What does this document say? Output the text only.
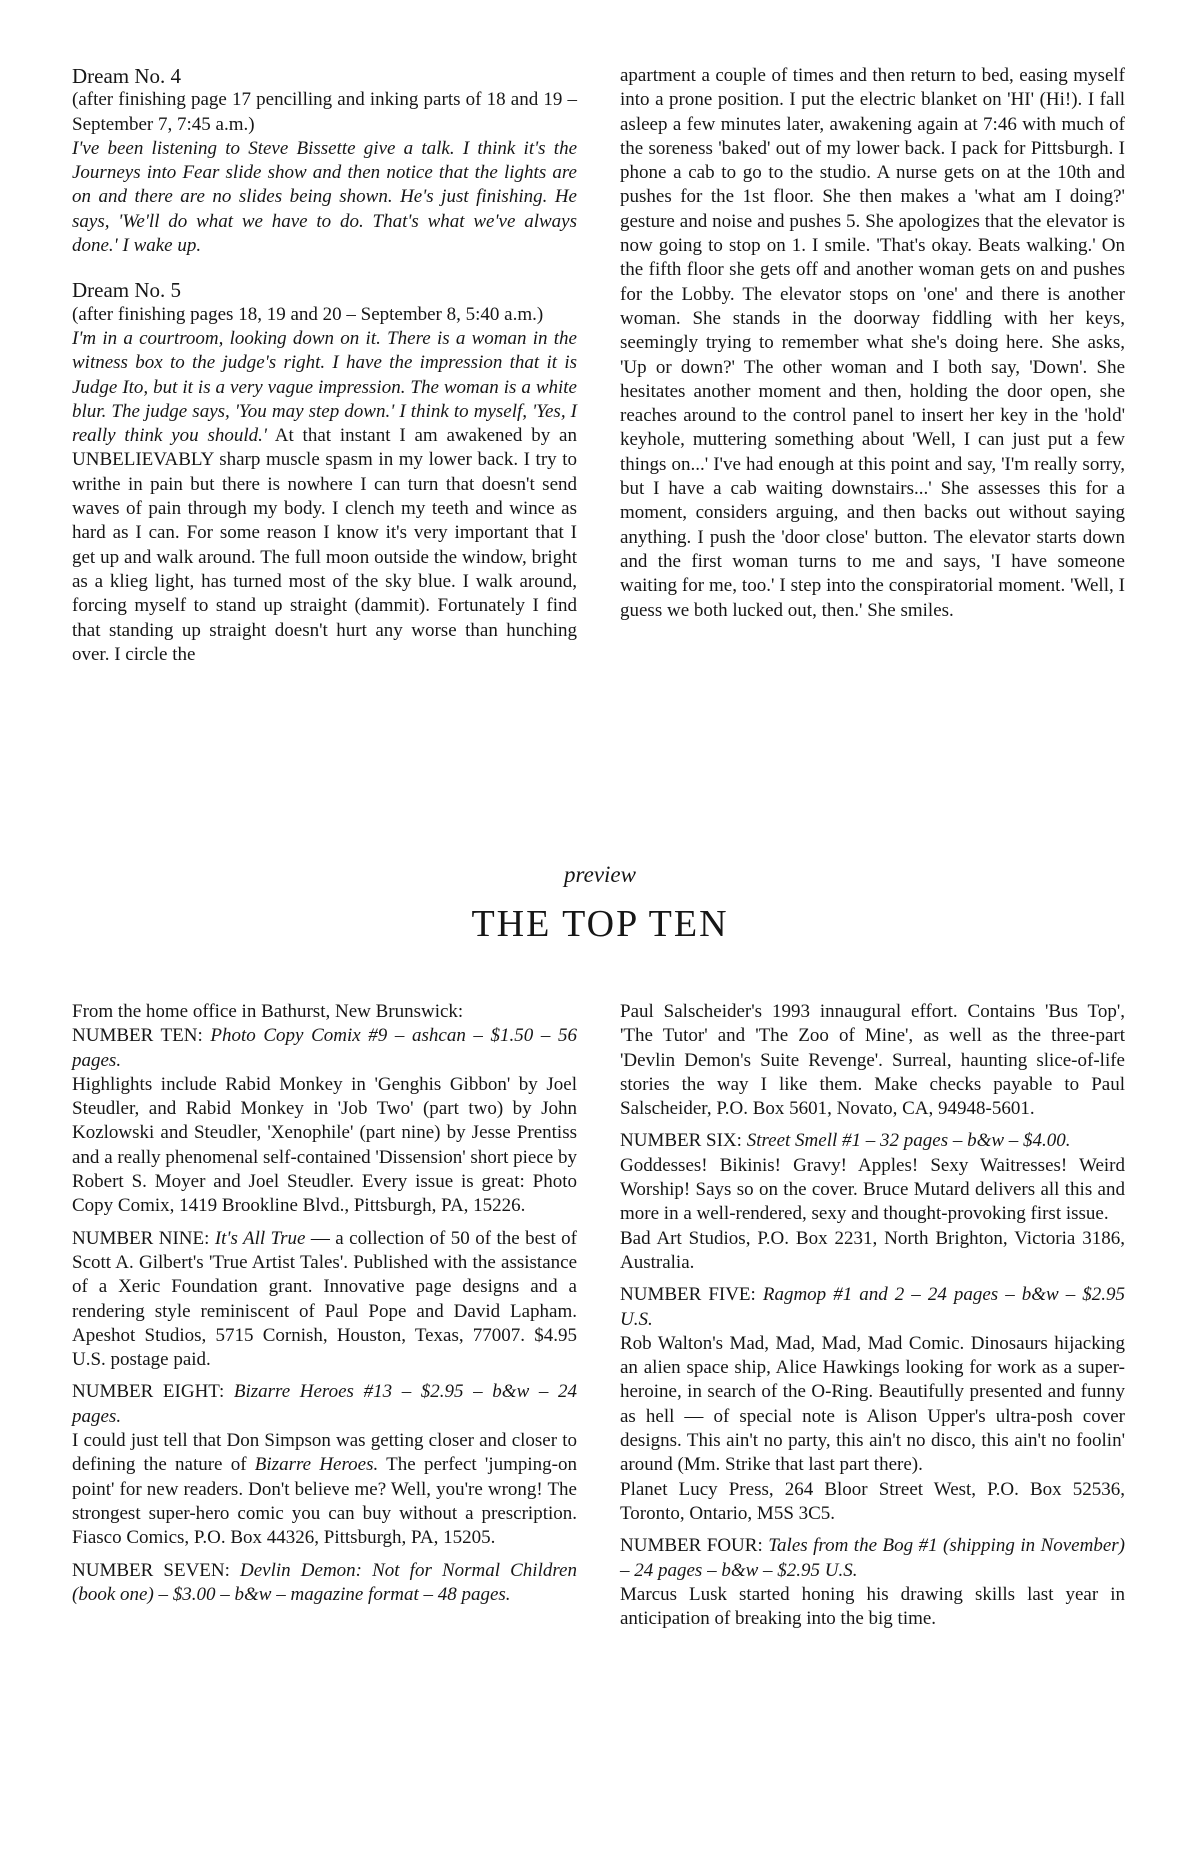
Dream No. 4

(after finishing page 17 pencilling and inking parts of 18 and 19 – September 7, 7:45 a.m.)

I've been listening to Steve Bissette give a talk. I think it's the Journeys into Fear slide show and then notice that the lights are on and there are no slides being shown. He's just finishing. He says, 'We'll do what we have to do. That's what we've always done.' I wake up.

Dream No. 5

(after finishing pages 18, 19 and 20 – September 8, 5:40 a.m.)

I'm in a courtroom, looking down on it. There is a woman in the witness box to the judge's right. I have the impression that it is Judge Ito, but it is a very vague impression. The woman is a white blur. The judge says, 'You may step down.' I think to myself, 'Yes, I really think you should.' At that instant I am awakened by an UNBELIEVABLY sharp muscle spasm in my lower back. I try to writhe in pain but there is nowhere I can turn that doesn't send waves of pain through my body. I clench my teeth and wince as hard as I can. For some reason I know it's very important that I get up and walk around. The full moon outside the window, bright as a klieg light, has turned most of the sky blue. I walk around, forcing myself to stand up straight (dammit). Fortunately I find that standing up straight doesn't hurt any worse than hunching over. I circle the

apartment a couple of times and then return to bed, easing myself into a prone position. I put the electric blanket on 'HI' (Hi!). I fall asleep a few minutes later, awakening again at 7:46 with much of the soreness 'baked' out of my lower back. I pack for Pittsburgh. I phone a cab to go to the studio. A nurse gets on at the 10th and pushes for the 1st floor. She then makes a 'what am I doing?' gesture and noise and pushes 5. She apologizes that the elevator is now going to stop on 1. I smile. 'That's okay. Beats walking.' On the fifth floor she gets off and another woman gets on and pushes for the Lobby. The elevator stops on 'one' and there is another woman. She stands in the doorway fiddling with her keys, seemingly trying to remember what she's doing here. She asks, 'Up or down?' The other woman and I both say, 'Down'. She hesitates another moment and then, holding the door open, she reaches around to the control panel to insert her key in the 'hold' keyhole, muttering something about 'Well, I can just put a few things on...' I've had enough at this point and say, 'I'm really sorry, but I have a cab waiting downstairs...' She assesses this for a moment, considers arguing, and then backs out without saying anything. I push the 'door close' button. The elevator starts down and the first woman turns to me and says, 'I have someone waiting for me, too.' I step into the conspiratorial moment. 'Well, I guess we both lucked out, then.' She smiles.

preview
THE TOP TEN

From the home office in Bathurst, New Brunswick:

NUMBER TEN: Photo Copy Comix #9 – ashcan – $1.50 – 56 pages.

Highlights include Rabid Monkey in 'Genghis Gibbon' by Joel Steudler, and Rabid Monkey in 'Job Two' (part two) by John Kozlowski and Steudler, 'Xenophile' (part nine) by Jesse Prentiss and a really phenomenal self-contained 'Dissension' short piece by Robert S. Moyer and Joel Steudler. Every issue is great: Photo Copy Comix, 1419 Brookline Blvd., Pittsburgh, PA, 15226.

NUMBER NINE: It's All True — a collection of 50 of the best of Scott A. Gilbert's 'True Artist Tales'. Published with the assistance of a Xeric Foundation grant. Innovative page designs and a rendering style reminiscent of Paul Pope and David Lapham. Apeshot Studios, 5715 Cornish, Houston, Texas, 77007. $4.95 U.S. postage paid.

NUMBER EIGHT: Bizarre Heroes #13 – $2.95 – b&w – 24 pages.

I could just tell that Don Simpson was getting closer and closer to defining the nature of Bizarre Heroes. The perfect 'jumping-on point' for new readers. Don't believe me? Well, you're wrong! The strongest super-hero comic you can buy without a prescription. Fiasco Comics, P.O. Box 44326, Pittsburgh, PA, 15205.

NUMBER SEVEN: Devlin Demon: Not for Normal Children (book one) – $3.00 – b&w – magazine format – 48 pages.

Paul Salscheider's 1993 innaugural effort. Contains 'Bus Top', 'The Tutor' and 'The Zoo of Mine', as well as the three-part 'Devlin Demon's Suite Revenge'. Surreal, haunting slice-of-life stories the way I like them. Make checks payable to Paul Salscheider, P.O. Box 5601, Novato, CA, 94948-5601.

NUMBER SIX: Street Smell #1 – 32 pages – b&w – $4.00.

Goddesses! Bikinis! Gravy! Apples! Sexy Waitresses! Weird Worship! Says so on the cover. Bruce Mutard delivers all this and more in a well-rendered, sexy and thought-provoking first issue.

Bad Art Studios, P.O. Box 2231, North Brighton, Victoria 3186, Australia.

NUMBER FIVE: Ragmop #1 and 2 – 24 pages – b&w – $2.95 U.S.

Rob Walton's Mad, Mad, Mad, Mad Comic. Dinosaurs hijacking an alien space ship, Alice Hawkings looking for work as a super-heroine, in search of the O-Ring. Beautifully presented and funny as hell — of special note is Alison Upper's ultra-posh cover designs. This ain't no party, this ain't no disco, this ain't no foolin' around (Mm. Strike that last part there).

Planet Lucy Press, 264 Bloor Street West, P.O. Box 52536, Toronto, Ontario, M5S 3C5.

NUMBER FOUR: Tales from the Bog #1 (shipping in November) – 24 pages – b&w – $2.95 U.S.

Marcus Lusk started honing his drawing skills last year in anticipation of breaking into the big time.
